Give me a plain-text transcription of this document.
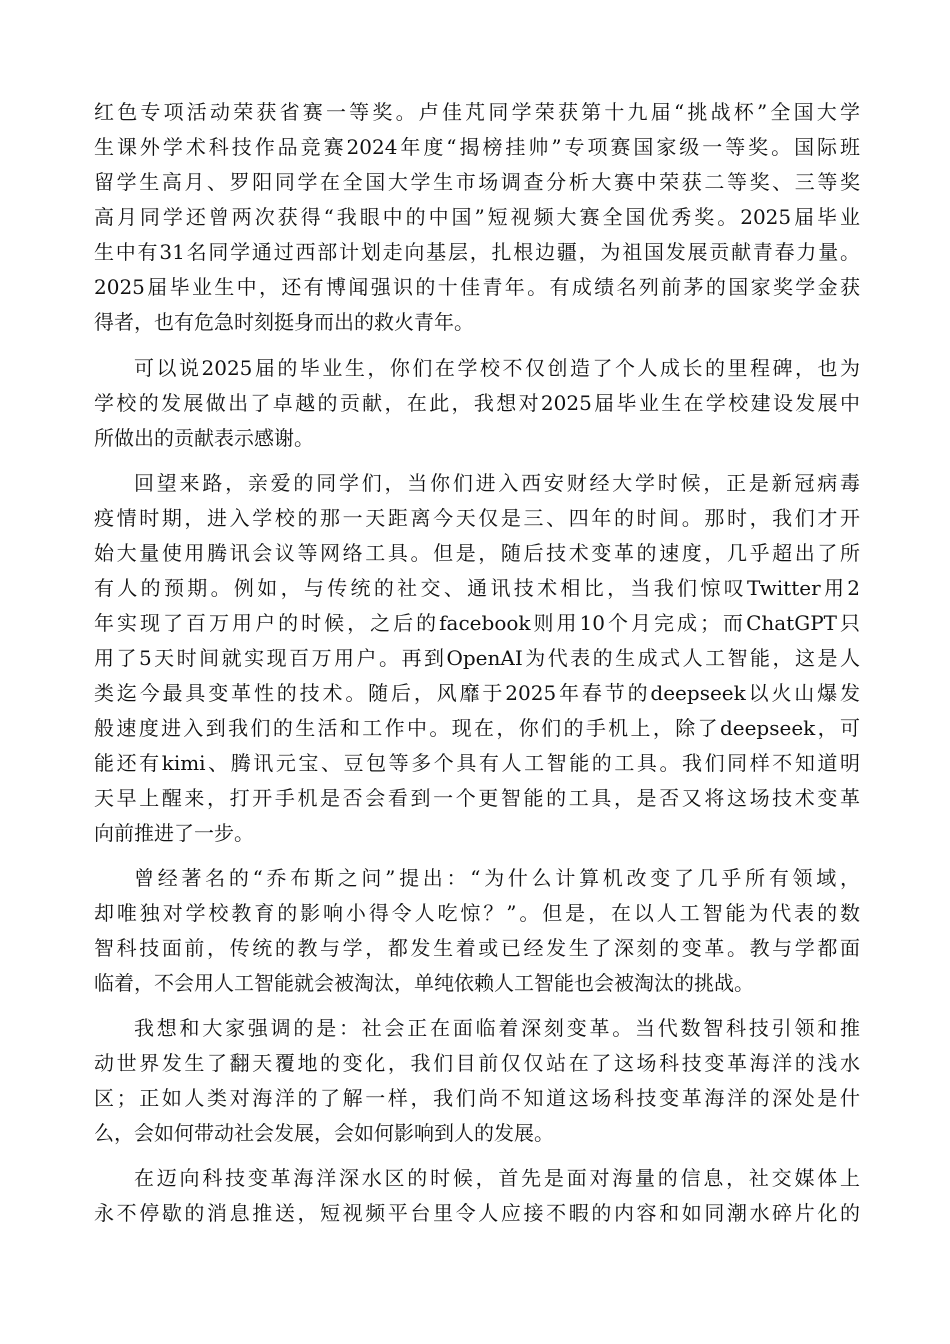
红色专项活动荣获省赛一等奖。卢佳芃同学荣获第十九届“挑战杯”全国大学

生课外学术科技作品竞赛2024年度“揭榜挂帅”专项赛国家级一等奖。国际班

留学生高月、罗阳同学在全国大学生市场调查分析大赛中荣获二等奖、三等奖

高月同学还曾两次获得“我眼中的中国”短视频大赛全国优秀奖。2025届毕业

生中有31名同学通过西部计划走向基层，扎根边疆，为祖国发展贡献青春力量。

2025届毕业生中，还有博闻强识的十佳青年。有成绩名列前茅的国家奖学金获

得者，也有危急时刻挺身而出的救火青年。

可以说2025届的毕业生，你们在学校不仅创造了个人成长的里程碑，也为

学校的发展做出了卓越的贡献，在此，我想对2025届毕业生在学校建设发展中

所做出的贡献表示感谢。

回望来路，亲爱的同学们，当你们进入西安财经大学时候，正是新冠病毒

疫情时期，进入学校的那一天距离今天仅是三、四年的时间。那时，我们才开

始大量使用腾讯会议等网络工具。但是，随后技术变革的速度，几乎超出了所

有人的预期。例如，与传统的社交、通讯技术相比，当我们惊叹Twitter用2

年实现了百万用户的时候，之后的facebook则用10个月完成；而ChatGPT只

用了5天时间就实现百万用户。再到OpenAI为代表的生成式人工智能，这是人

类迄今最具变革性的技术。随后，风靡于2025年春节的deepseek以火山爆发

般速度进入到我们的生活和工作中。现在，你们的手机上，除了deepseek，可

能还有kimi、腾讯元宝、豆包等多个具有人工智能的工具。我们同样不知道明

天早上醒来，打开手机是否会看到一个更智能的工具，是否又将这场技术变革

向前推进了一步。

曾经著名的“乔布斯之问”提出：“为什么计算机改变了几乎所有领域，

却唯独对学校教育的影响小得令人吃惊？”。但是，在以人工智能为代表的数

智科技面前，传统的教与学，都发生着或已经发生了深刻的变革。教与学都面

临着，不会用人工智能就会被淘汰，单纯依赖人工智能也会被淘汰的挑战。

我想和大家强调的是：社会正在面临着深刻变革。当代数智科技引领和推

动世界发生了翻天覆地的变化，我们目前仅仅站在了这场科技变革海洋的浅水

区；正如人类对海洋的了解一样，我们尚不知道这场科技变革海洋的深处是什

么，会如何带动社会发展，会如何影响到人的发展。

在迈向科技变革海洋深水区的时候，首先是面对海量的信息，社交媒体上

永不停歇的消息推送，短视频平台里令人应接不暇的内容和如同潮水碎片化的
